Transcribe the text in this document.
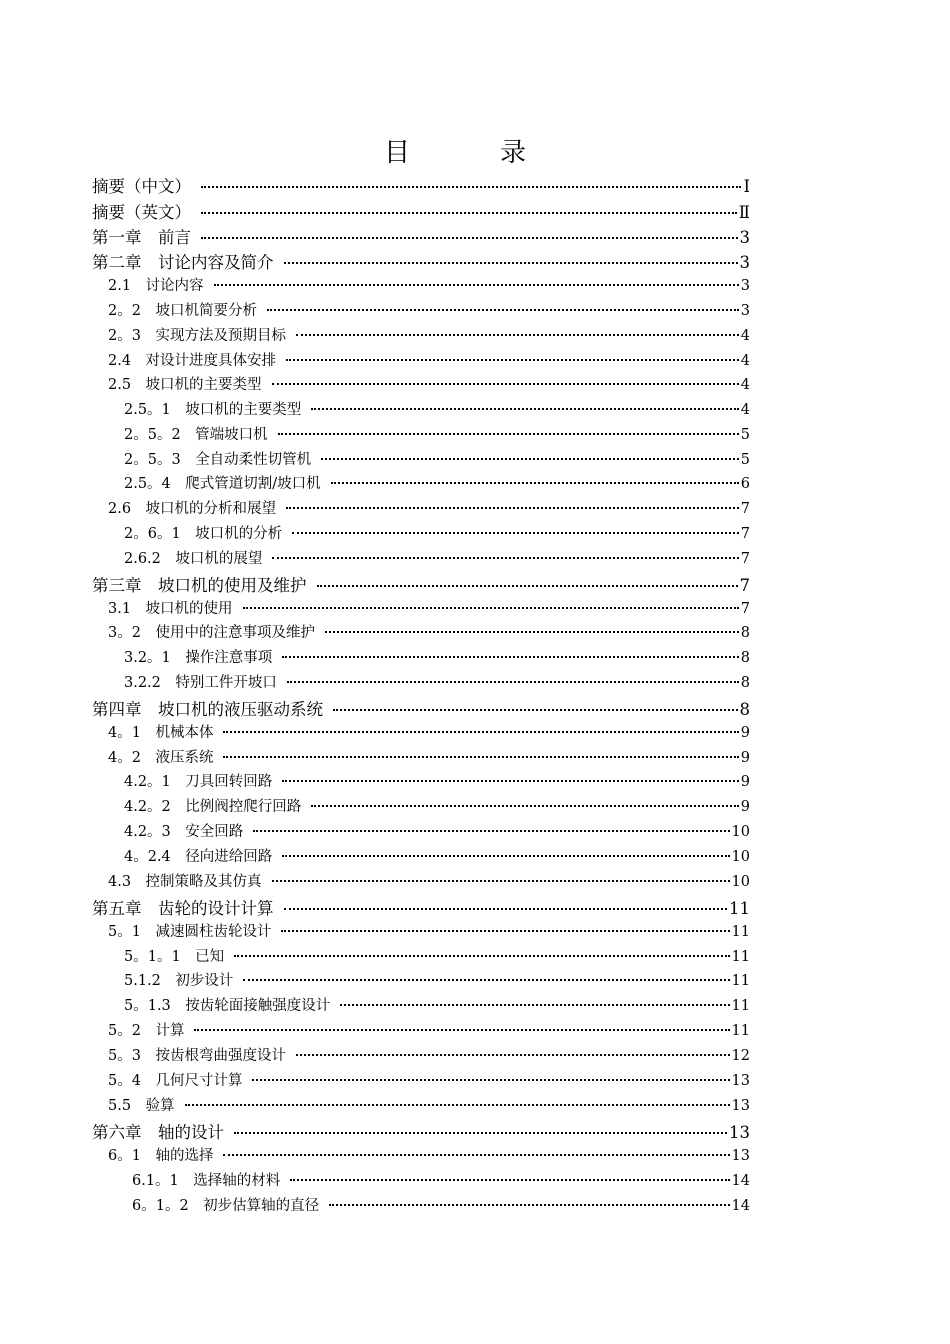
目	录
摘要（中文）	Ⅰ
摘要（英文）	Ⅱ
第一章　前言	3
第二章　讨论内容及简介	3
2.1　讨论内容	3
2。2　坡口机简要分析	3
2。3　实现方法及预期目标	4
2.4　对设计进度具体安排	4
2.5　坡口机的主要类型	4
2.5。1　坡口机的主要类型	4
2。5。2　管端坡口机	5
2。5。3　全自动柔性切管机	5
2.5。4　爬式管道切割/坡口机	6
2.6　坡口机的分析和展望	7
2。6。1　坡口机的分析	7
2.6.2　坡口机的展望	7
第三章　坡口机的使用及维护	7
3.1　坡口机的使用	7
3。2　使用中的注意事项及维护	8
3.2。1　操作注意事项	8
3.2.2　特别工件开坡口	8
第四章　坡口机的液压驱动系统	8
4。1　机械本体	9
4。2　液压系统	9
4.2。1　刀具回转回路	9
4.2。2　比例阀控爬行回路	9
4.2。3　安全回路	10
4。2.4　径向进给回路	10
4.3　控制策略及其仿真	10
第五章　齿轮的设计计算	11
5。1　减速圆柱齿轮设计	11
5。1。1　已知	11
5.1.2　初步设计	11
5。1.3　按齿轮面接触强度设计	11
5。2　计算	11
5。3　按齿根弯曲强度设计	12
5。4　几何尺寸计算	13
5.5　验算	13
第六章　轴的设计	13
6。1　轴的选择	13
6.1。1　选择轴的材料	14
6。1。2　初步估算轴的直径	14
